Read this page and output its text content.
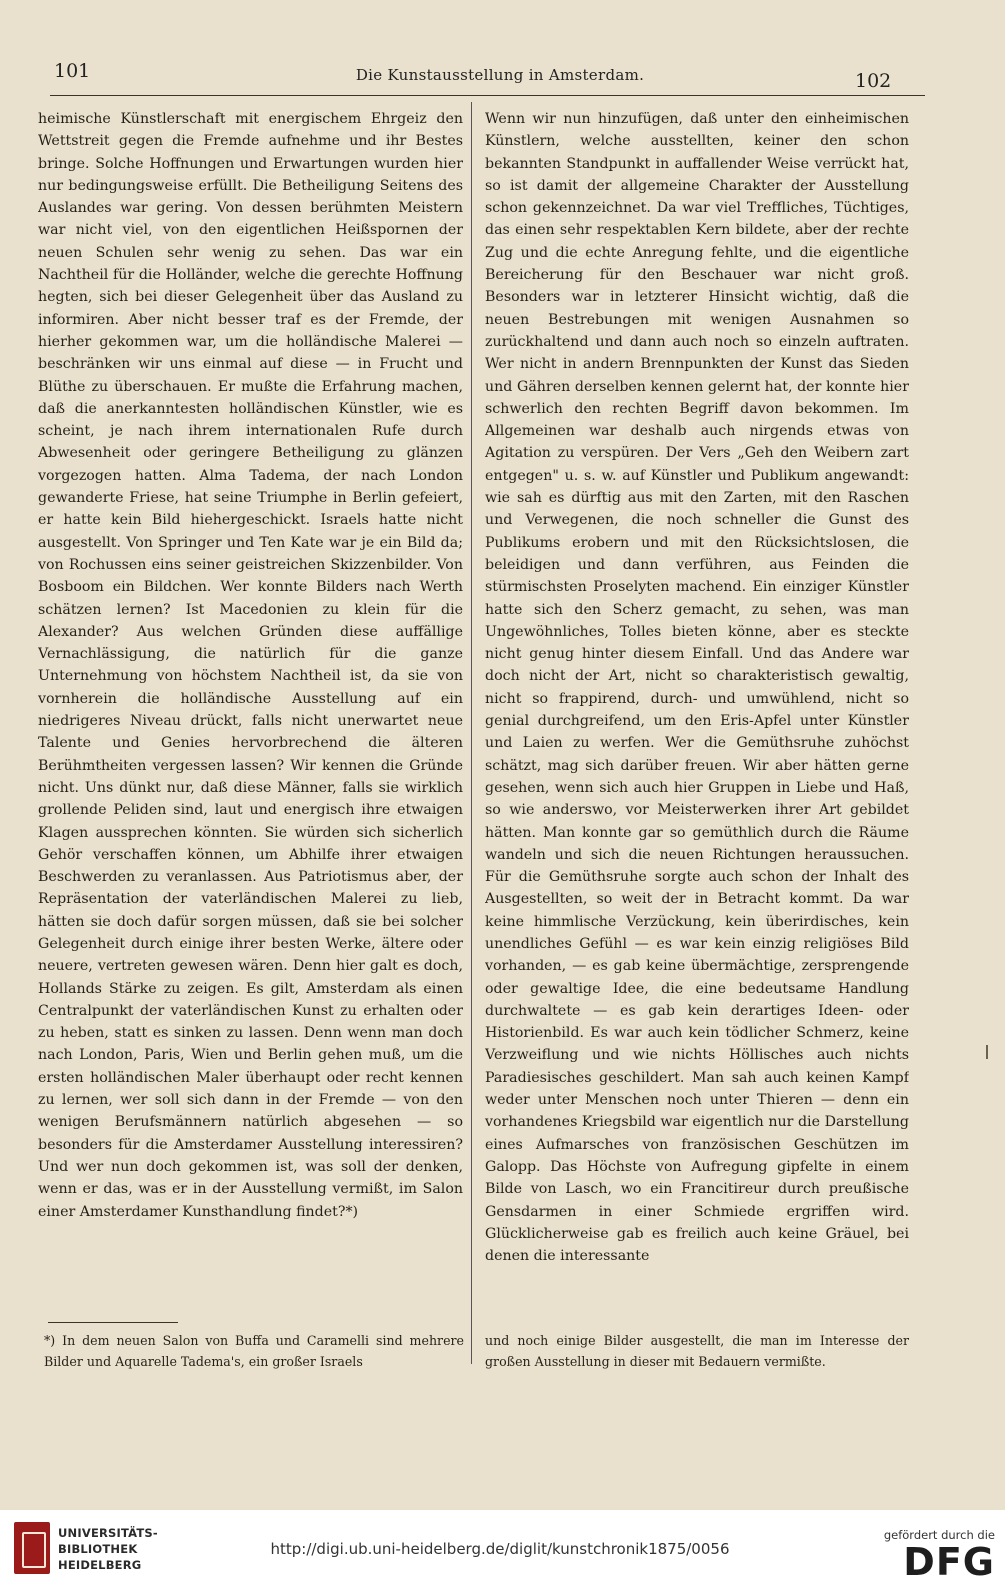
101	Die Kunstausstellung in Amsterdam.	102

heimische Künstlerschaft mit energischem Ehrgeiz den Wettstreit gegen die Fremde aufnehme und ihr Bestes bringe. Solche Hoffnungen und Erwartungen wurden hier nur bedingungsweise erfüllt. Die Betheiligung Seitens des Auslandes war gering. Von dessen berühmten Meistern war nicht viel, von den eigentlichen Heißspornen der neuen Schulen sehr wenig zu sehen. Das war ein Nachtheil für die Holländer, welche die gerechte Hoffnung hegten, sich bei dieser Gelegenheit über das Ausland zu informiren. Aber nicht besser traf es der Fremde, der hierher gekommen war, um die holländische Malerei — beschränken wir uns einmal auf diese — in Frucht und Blüthe zu überschauen. Er mußte die Erfahrung machen, daß die anerkanntesten holländischen Künstler, wie es scheint, je nach ihrem internationalen Rufe durch Abwesenheit oder geringere Betheiligung zu glänzen vorgezogen hatten. Alma Tadema, der nach London gewanderte Friese, hat seine Triumphe in Berlin gefeiert, er hatte kein Bild hiehergeschickt. Israels hatte nicht ausgestellt. Von Springer und Ten Kate war je ein Bild da; von Rochussen eins seiner geistreichen Skizzenbilder. Von Bosboom ein Bildchen. Wer konnte Bilders nach Werth schätzen lernen? Ist Macedonien zu klein für die Alexander? Aus welchen Gründen diese auffällige Vernachlässigung, die natürlich für die ganze Unternehmung von höchstem Nachtheil ist, da sie von vornherein die holländische Ausstellung auf ein niedrigeres Niveau drückt, falls nicht unerwartet neue Talente und Genies hervorbrechend die älteren Berühmtheiten vergessen lassen? Wir kennen die Gründe nicht. Uns dünkt nur, daß diese Männer, falls sie wirklich grollende Peliden sind, laut und energisch ihre etwaigen Klagen aussprechen könnten. Sie würden sich sicherlich Gehör verschaffen können, um Abhilfe ihrer etwaigen Beschwerden zu veranlassen. Aus Patriotismus aber, der Repräsentation der vaterländischen Malerei zu lieb, hätten sie doch dafür sorgen müssen, daß sie bei solcher Gelegenheit durch einige ihrer besten Werke, ältere oder neuere, vertreten gewesen wären. Denn hier galt es doch, Hollands Stärke zu zeigen. Es gilt, Amsterdam als einen Centralpunkt der vaterländischen Kunst zu erhalten oder zu heben, statt es sinken zu lassen. Denn wenn man doch nach London, Paris, Wien und Berlin gehen muß, um die ersten holländischen Maler überhaupt oder recht kennen zu lernen, wer soll sich dann in der Fremde — von den wenigen Berufsmännern natürlich abgesehen — so besonders für die Amsterdamer Ausstellung interessiren? Und wer nun doch gekommen ist, was soll der denken, wenn er das, was er in der Ausstellung vermißt, im Salon einer Amsterdamer Kunsthandlung findet?*)

Wenn wir nun hinzufügen, daß unter den einheimischen Künstlern, welche ausstellten, keiner den schon bekannten Standpunkt in auffallender Weise verrückt hat, so ist damit der allgemeine Charakter der Ausstellung schon gekennzeichnet. Da war viel Treffliches, Tüchtiges, das einen sehr respektablen Kern bildete, aber der rechte Zug und die echte Anregung fehlte, und die eigentliche Bereicherung für den Beschauer war nicht groß. Besonders war in letzterer Hinsicht wichtig, daß die neuen Bestrebungen mit wenigen Ausnahmen so zurückhaltend und dann auch noch so einzeln auftraten. Wer nicht in andern Brennpunkten der Kunst das Sieden und Gähren derselben kennen gelernt hat, der konnte hier schwerlich den rechten Begriff davon bekommen. Im Allgemeinen war deshalb auch nirgends etwas von Agitation zu verspüren. Der Vers „Geh den Weibern zart entgegen" u. s. w. auf Künstler und Publikum angewandt: wie sah es dürftig aus mit den Zarten, mit den Raschen und Verwegenen, die noch schneller die Gunst des Publikums erobern und mit den Rücksichtslosen, die beleidigen und dann verführen, aus Feinden die stürmischsten Proselyten machend. Ein einziger Künstler hatte sich den Scherz gemacht, zu sehen, was man Ungewöhnliches, Tolles bieten könne, aber es steckte nicht genug hinter diesem Einfall. Und das Andere war doch nicht der Art, nicht so charakteristisch gewaltig, nicht so frappirend, durch- und umwühlend, nicht so genial durchgreifend, um den Eris-Apfel unter Künstler und Laien zu werfen. Wer die Gemüthsruhe zuhöchst schätzt, mag sich darüber freuen. Wir aber hätten gerne gesehen, wenn sich auch hier Gruppen in Liebe und Haß, so wie anderswo, vor Meisterwerken ihrer Art gebildet hätten. Man konnte gar so gemüthlich durch die Räume wandeln und sich die neuen Richtungen heraussuchen. Für die Gemüthsruhe sorgte auch schon der Inhalt des Ausgestellten, so weit der in Betracht kommt. Da war keine himmlische Verzückung, kein überirdisches, kein unendliches Gefühl — es war kein einzig religiöses Bild vorhanden, — es gab keine übermächtige, zersprengende oder gewaltige Idee, die eine bedeutsame Handlung durchwaltete — es gab kein derartiges Ideen- oder Historienbild. Es war auch kein tödlicher Schmerz, keine Verzweiflung und wie nichts Höllisches auch nichts Paradiesisches geschildert. Man sah auch keinen Kampf weder unter Menschen noch unter Thieren — denn ein vorhandenes Kriegsbild war eigentlich nur die Darstellung eines Aufmarsches von französischen Geschützen im Galopp. Das Höchste von Aufregung gipfelte in einem Bilde von Lasch, wo ein Francitireur durch preußische Gensdarmen in einer Schmiede ergriffen wird. Glücklicherweise gab es freilich auch keine Gräuel, bei denen die interessante

*) In dem neuen Salon von Buffa und Caramelli sind mehrere Bilder und Aquarelle Tadema's, ein großer Israels
und noch einige Bilder ausgestellt, die man im Interesse der großen Ausstellung in dieser mit Bedauern vermißte.
UNIVERSITÄTS-
BIBLIOTHEK
HEIDELBERG
http://digi.ub.uni-heidelberg.de/diglit/kunstchronik1875/0056
gefördert durch die
DFG
